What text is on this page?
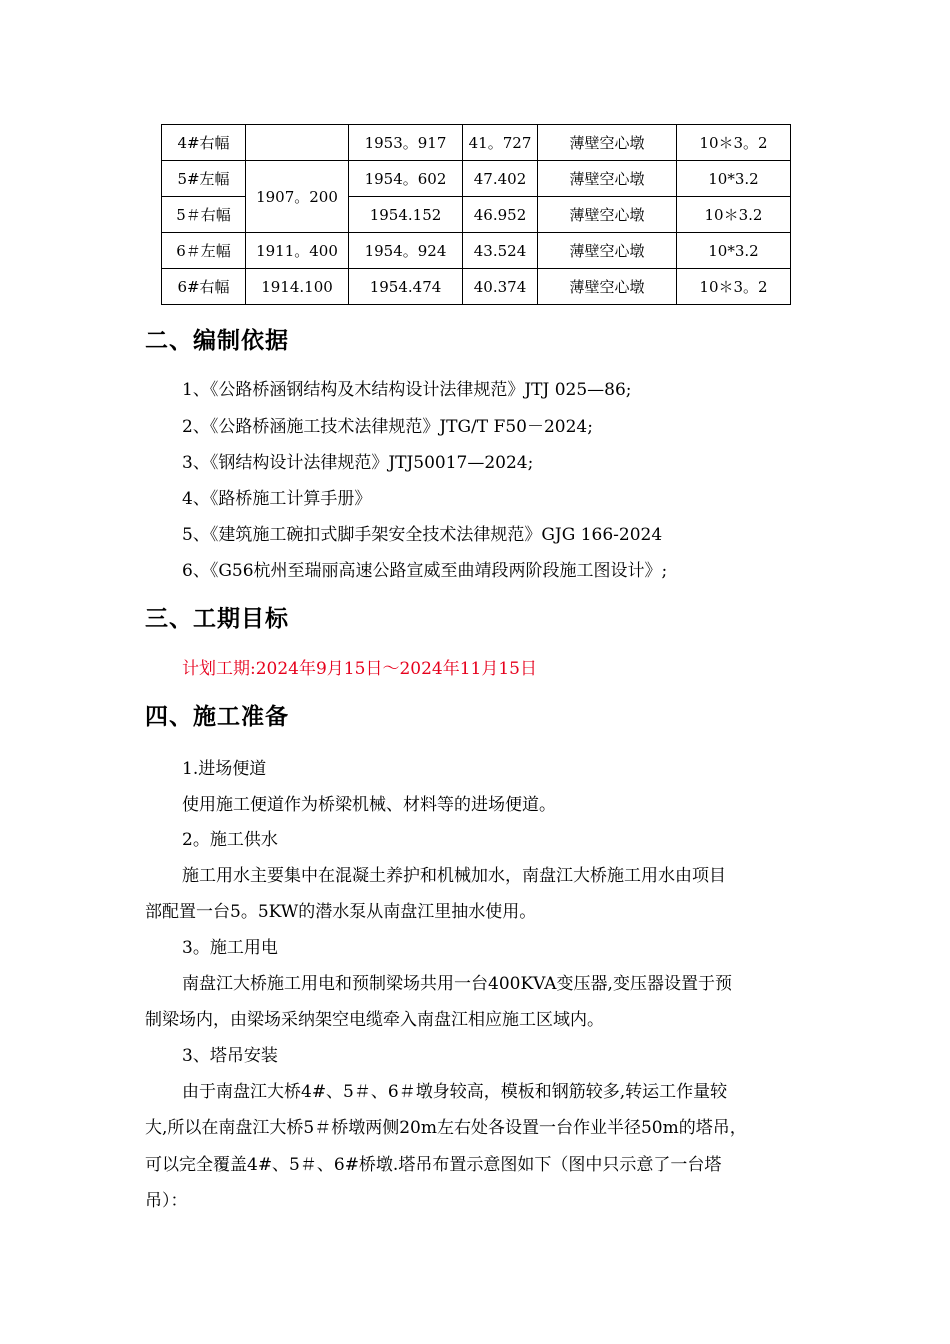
4#右幅		1953。917	41。727	薄壁空心墩	10＊3。2
5#左幅	1907。200	1954。602	47.402	薄壁空心墩	10*3.2
5＃右幅		1954.152	46.952	薄壁空心墩	10＊3.2
6＃左幅	1911。400	1954。924	43.524	薄壁空心墩	10*3.2
6#右幅	1914.100	1954.474	40.374	薄壁空心墩	10＊3。2
二、编制依据

1、《公路桥涵钢结构及木结构设计法律规范》JTJ 025—86;

2、《公路桥涵施工技术法律规范》JTG/T F50－2024;

3、《钢结构设计法律规范》JTJ50017—2024;

4、《路桥施工计算手册》

5、《建筑施工碗扣式脚手架安全技术法律规范》GJG 166-2024

6、《G56杭州至瑞丽高速公路宣威至曲靖段两阶段施工图设计》;

三、工期目标

计划工期:2024年9月15日～2024年11月15日

四、施工准备

1.进场便道

使用施工便道作为桥梁机械、材料等的进场便道。

2。施工供水

施工用水主要集中在混凝土养护和机械加水，南盘江大桥施工用水由项目

部配置一台5。5KW的潜水泵从南盘江里抽水使用。

3。施工用电

南盘江大桥施工用电和预制梁场共用一台400KVA变压器,变压器设置于预

制梁场内，由梁场采纳架空电缆牵入南盘江相应施工区域内。

3、塔吊安装

由于南盘江大桥4#、5＃、6＃墩身较高，模板和钢筋较多,转运工作量较

大,所以在南盘江大桥5＃桥墩两侧20m左右处各设置一台作业半径50m的塔吊，

可以完全覆盖4#、5＃、6#桥墩.塔吊布置示意图如下（图中只示意了一台塔

吊）：
